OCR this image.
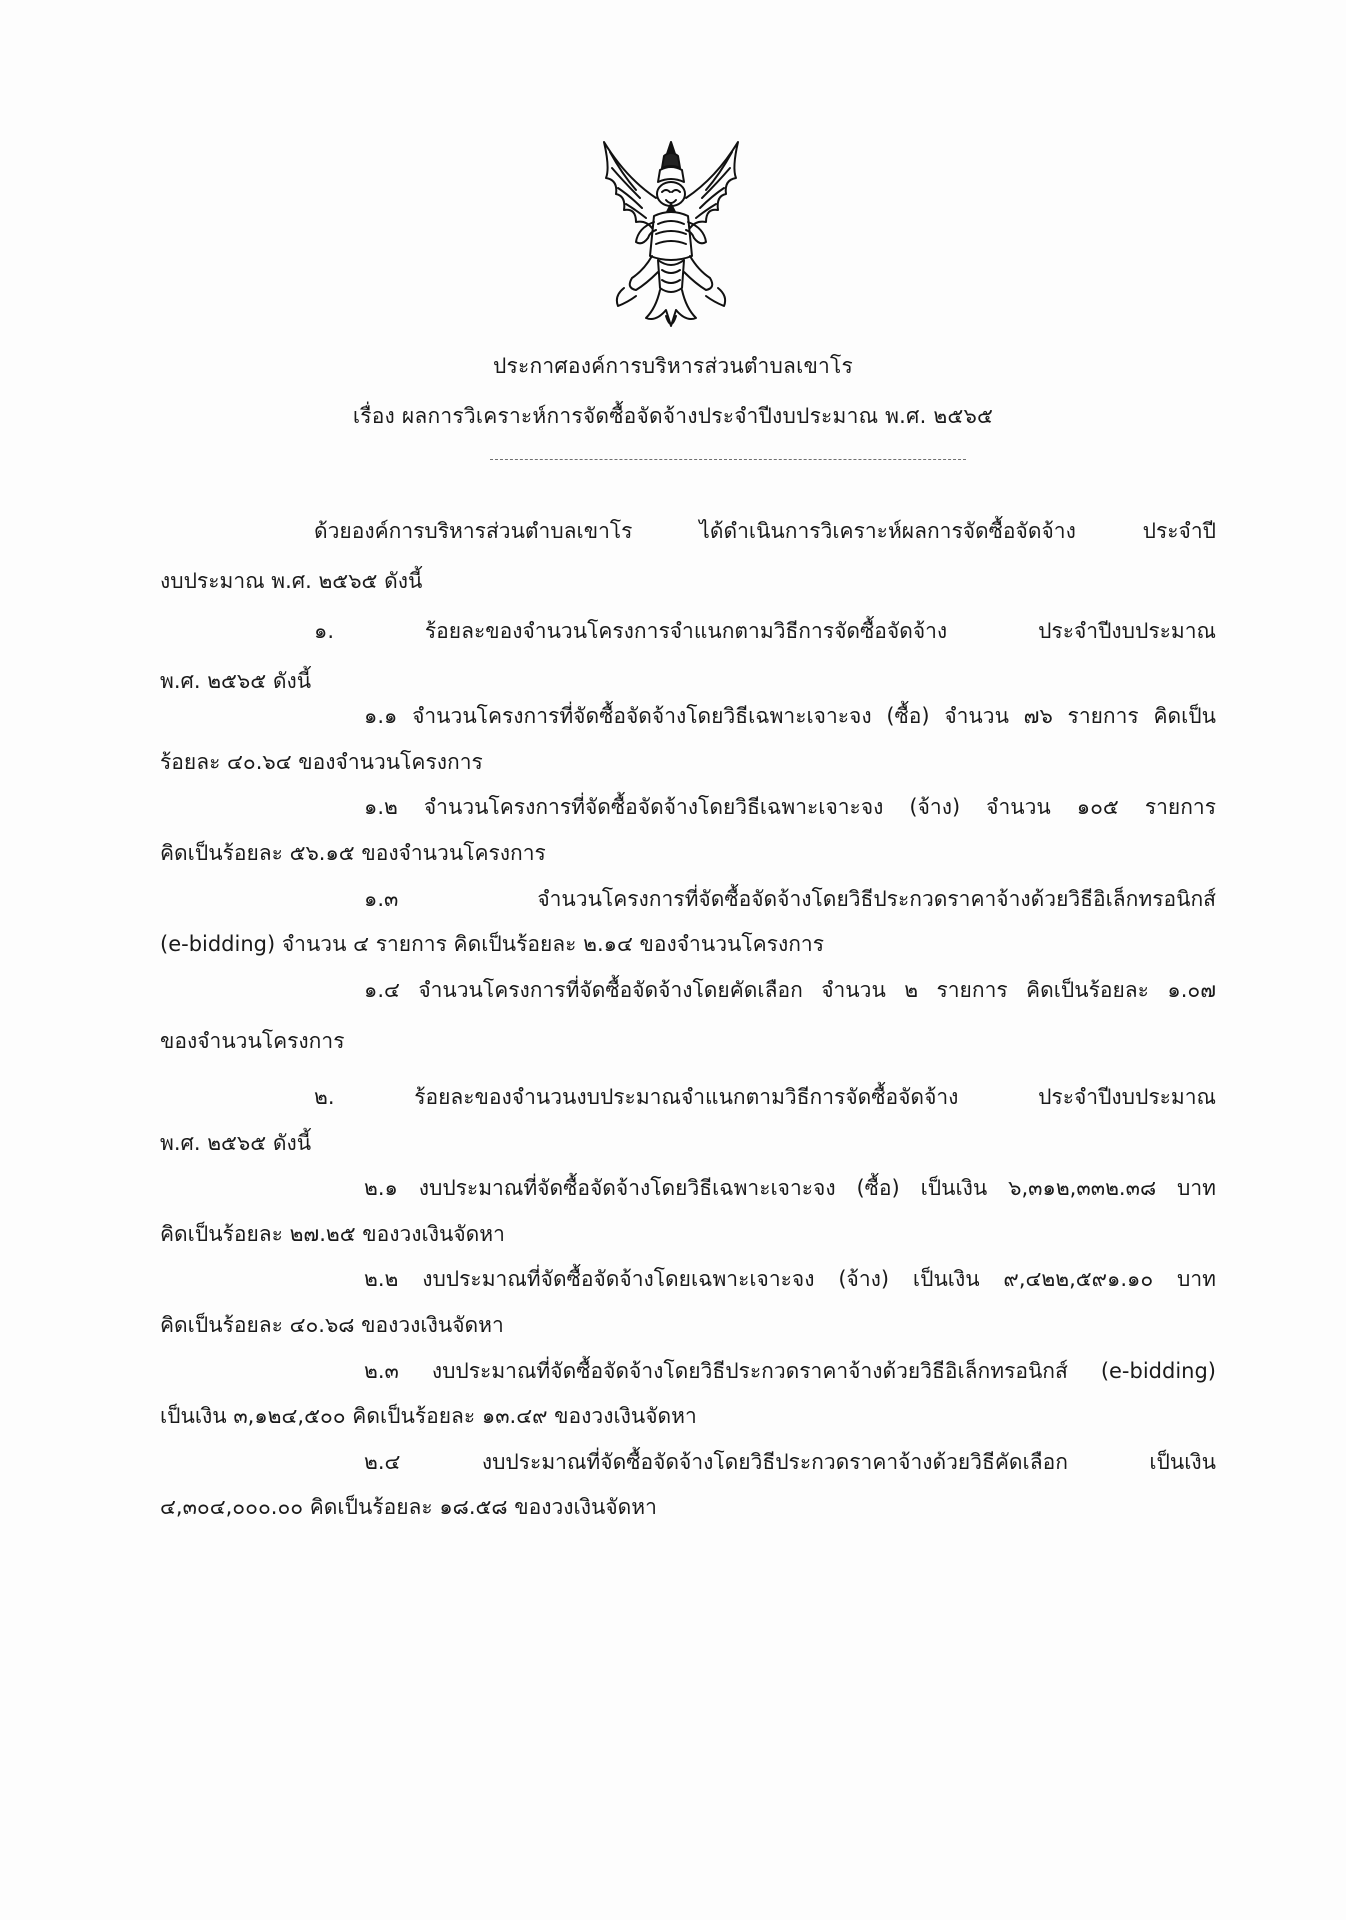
ประกาศองค์การบริหารส่วนตำบลเขาโร
เรื่อง ผลการวิเคราะห์การจัดซื้อจัดจ้างประจำปีงบประมาณ พ.ศ. ๒๕๖๕
ด้วยองค์การบริหารส่วนตำบลเขาโร ได้ดำเนินการวิเคราะห์ผลการจัดซื้อจัดจ้าง ประจำปี
งบประมาณ พ.ศ. ๒๕๖๕ ดังนี้
๑. ร้อยละของจำนวนโครงการจำแนกตามวิธีการจัดซื้อจัดจ้าง ประจำปีงบประมาณ
พ.ศ. ๒๕๖๕ ดังนี้
๑.๑ จำนวนโครงการที่จัดซื้อจัดจ้างโดยวิธีเฉพาะเจาะจง (ซื้อ) จำนวน ๗๖ รายการ คิดเป็น
ร้อยละ ๔๐.๖๔ ของจำนวนโครงการ
๑.๒ จำนวนโครงการที่จัดซื้อจัดจ้างโดยวิธีเฉพาะเจาะจง (จ้าง) จำนวน ๑๐๕ รายการ
คิดเป็นร้อยละ ๕๖.๑๕ ของจำนวนโครงการ
๑.๓ จำนวนโครงการที่จัดซื้อจัดจ้างโดยวิธีประกวดราคาจ้างด้วยวิธีอิเล็กทรอนิกส์
(e-bidding) จำนวน ๔ รายการ คิดเป็นร้อยละ ๒.๑๔ ของจำนวนโครงการ
๑.๔ จำนวนโครงการที่จัดซื้อจัดจ้างโดยคัดเลือก จำนวน ๒ รายการ คิดเป็นร้อยละ ๑.๐๗
ของจำนวนโครงการ
๒. ร้อยละของจำนวนงบประมาณจำแนกตามวิธีการจัดซื้อจัดจ้าง ประจำปีงบประมาณ
พ.ศ. ๒๕๖๕ ดังนี้
๒.๑ งบประมาณที่จัดซื้อจัดจ้างโดยวิธีเฉพาะเจาะจง (ซื้อ) เป็นเงิน ๖,๓๑๒,๓๓๒.๓๘ บาท
คิดเป็นร้อยละ ๒๗.๒๕ ของวงเงินจัดหา
๒.๒ งบประมาณที่จัดซื้อจัดจ้างโดยเฉพาะเจาะจง (จ้าง) เป็นเงิน ๙,๔๒๒,๕๙๑.๑๐ บาท
คิดเป็นร้อยละ ๔๐.๖๘ ของวงเงินจัดหา
๒.๓ งบประมาณที่จัดซื้อจัดจ้างโดยวิธีประกวดราคาจ้างด้วยวิธีอิเล็กทรอนิกส์ (e-bidding)
เป็นเงิน ๓,๑๒๔,๕๐๐ คิดเป็นร้อยละ ๑๓.๔๙ ของวงเงินจัดหา
๒.๔ งบประมาณที่จัดซื้อจัดจ้างโดยวิธีประกวดราคาจ้างด้วยวิธีคัดเลือก เป็นเงิน
๔,๓๐๔,๐๐๐.๐๐ คิดเป็นร้อยละ ๑๘.๕๘ ของวงเงินจัดหา
